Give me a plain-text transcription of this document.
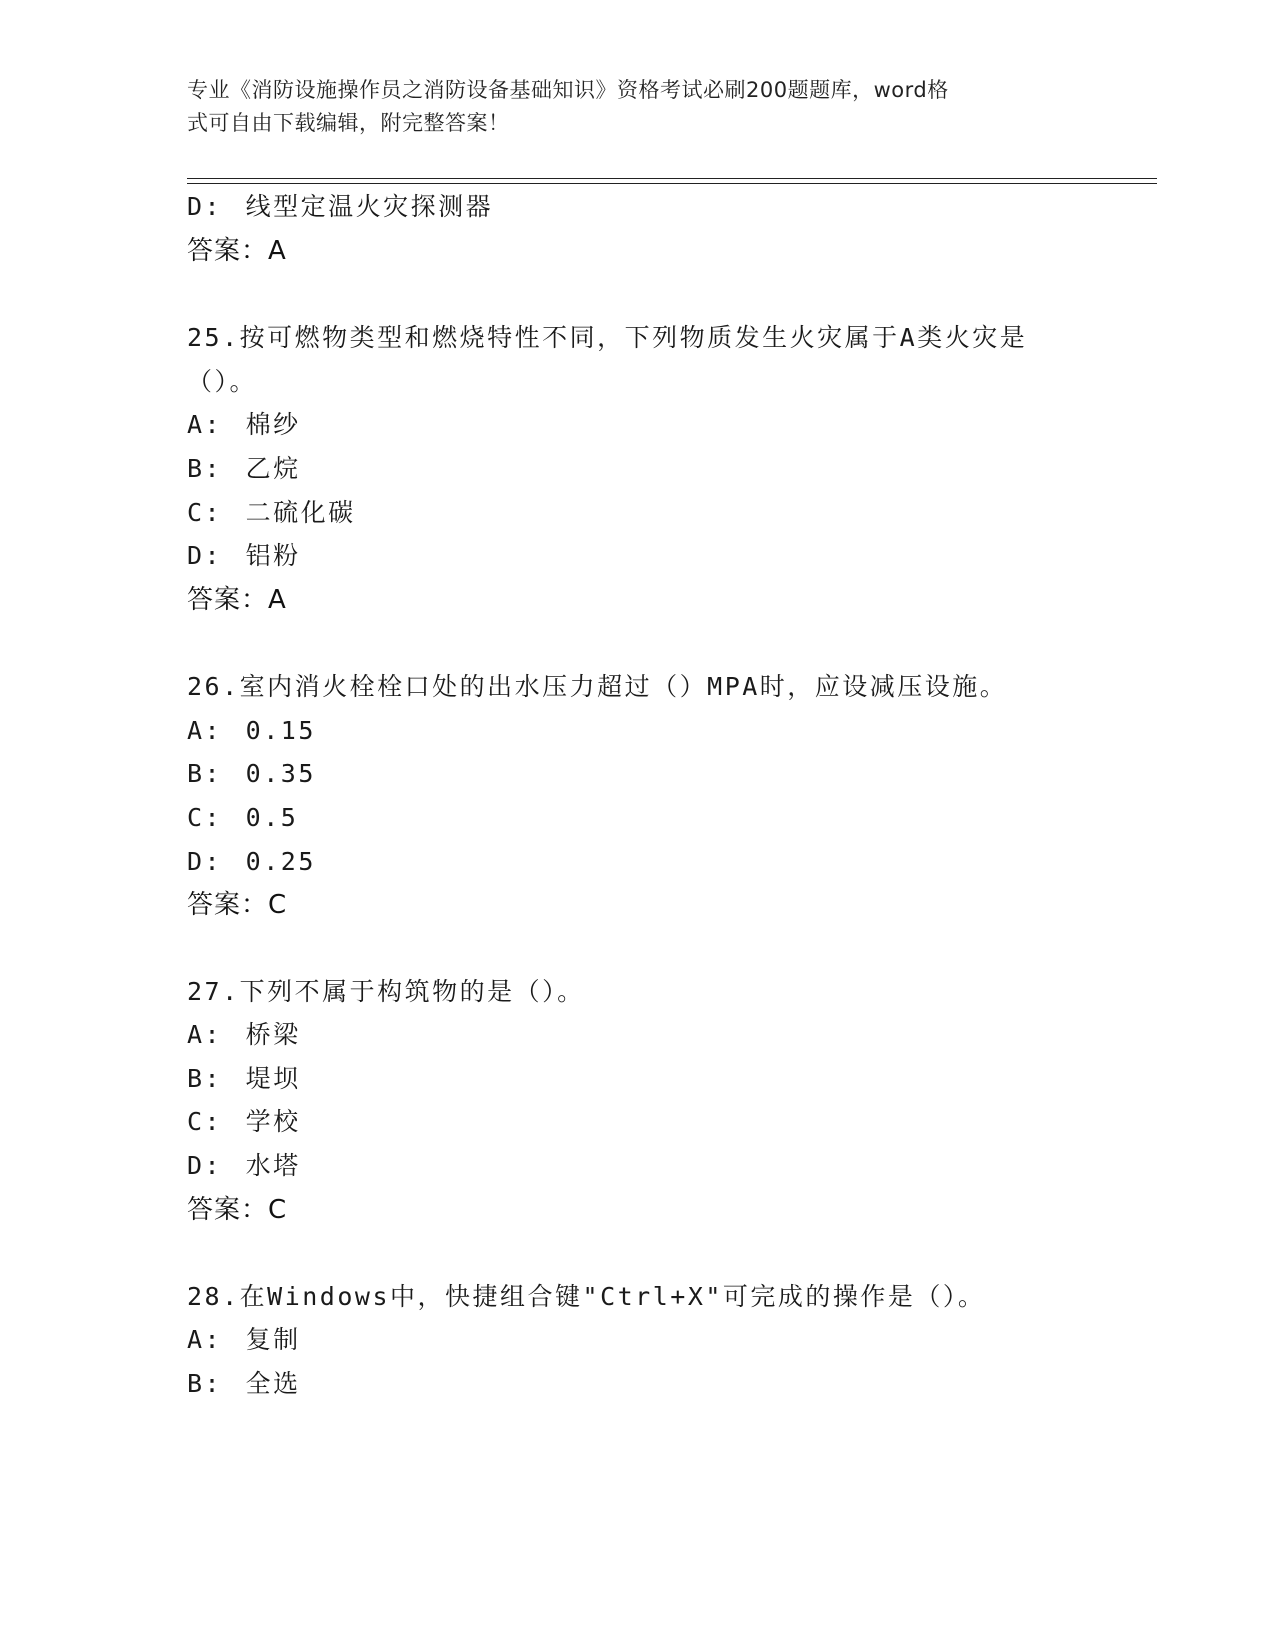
专业《消防设施操作员之消防设备基础知识》资格考试必刷200题题库，word格
式可自由下载编辑，附完整答案！
D: 线型定温火灾探测器
答案：A
25.按可燃物类型和燃烧特性不同，下列物质发生火灾属于A类火灾是
（）。
A: 棉纱
B: 乙烷
C: 二硫化碳
D: 铝粉
答案：A
26.室内消火栓栓口处的出水压力超过（）MPA时，应设减压设施。
A: 0.15
B: 0.35
C: 0.5
D: 0.25
答案：C
27.下列不属于构筑物的是（）。
A: 桥梁
B: 堤坝
C: 学校
D: 水塔
答案：C
28.在Windows中，快捷组合键"Ctrl+X"可完成的操作是（）。
A: 复制
B: 全选
